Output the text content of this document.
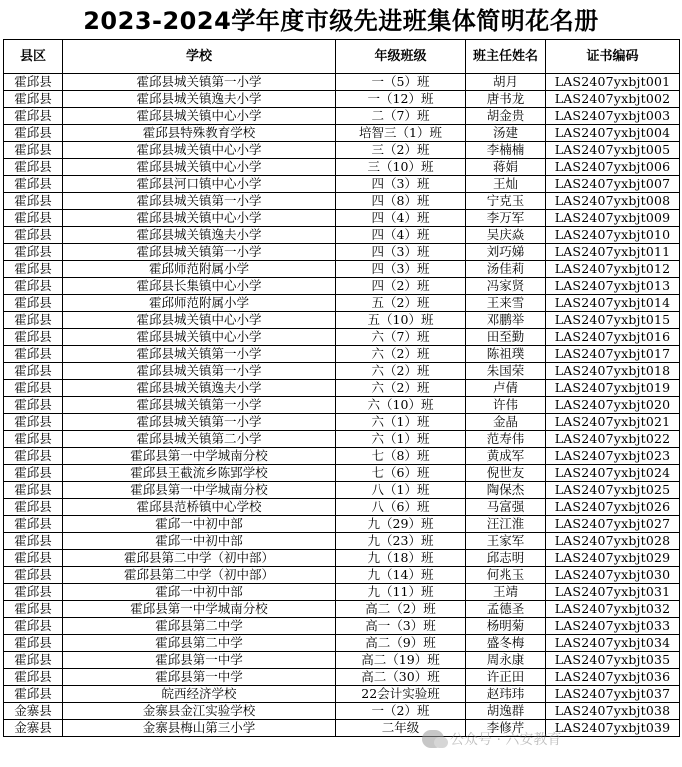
2023-2024学年度市级先进班集体简明花名册
县区	学校	年级班级	班主任姓名	证书编码
霍邱县	霍邱县城关镇第一小学	一（5）班	胡月	LAS2407yxbjt001
霍邱县	霍邱县城关镇逸夫小学	一（12）班	唐书龙	LAS2407yxbjt002
霍邱县	霍邱县城关镇中心小学	二（7）班	胡金贵	LAS2407yxbjt003
霍邱县	霍邱县特殊教育学校	培智三（1）班	汤建	LAS2407yxbjt004
霍邱县	霍邱县城关镇中心小学	三（2）班	李楠楠	LAS2407yxbjt005
霍邱县	霍邱县城关镇中心小学	三（10）班	蒋娟	LAS2407yxbjt006
霍邱县	霍邱县河口镇中心小学	四（3）班	王灿	LAS2407yxbjt007
霍邱县	霍邱县城关镇第一小学	四（8）班	宁克玉	LAS2407yxbjt008
霍邱县	霍邱县城关镇中心小学	四（4）班	李万军	LAS2407yxbjt009
霍邱县	霍邱县城关镇逸夫小学	四（4）班	吴庆焱	LAS2407yxbjt010
霍邱县	霍邱县城关镇第一小学	四（3）班	刘巧娣	LAS2407yxbjt011
霍邱县	霍邱师范附属小学	四（3）班	汤佳莉	LAS2407yxbjt012
霍邱县	霍邱县长集镇中心小学	四（2）班	冯家贤	LAS2407yxbjt013
霍邱县	霍邱师范附属小学	五（2）班	王来雪	LAS2407yxbjt014
霍邱县	霍邱县城关镇中心小学	五（10）班	邓鹏举	LAS2407yxbjt015
霍邱县	霍邱县城关镇中心小学	六（7）班	田至勤	LAS2407yxbjt016
霍邱县	霍邱县城关镇第一小学	六（2）班	陈祖璞	LAS2407yxbjt017
霍邱县	霍邱县城关镇第一小学	六（2）班	朱国荣	LAS2407yxbjt018
霍邱县	霍邱县城关镇逸夫小学	六（2）班	卢倩	LAS2407yxbjt019
霍邱县	霍邱县城关镇第一小学	六（10）班	许伟	LAS2407yxbjt020
霍邱县	霍邱县城关镇第一小学	六（1）班	金晶	LAS2407yxbjt021
霍邱县	霍邱县城关镇第二小学	六（1）班	范寿伟	LAS2407yxbjt022
霍邱县	霍邱县第一中学城南分校	七（8）班	黄成军	LAS2407yxbjt023
霍邱县	霍邱县王截流乡陈郢学校	七（6）班	倪世友	LAS2407yxbjt024
霍邱县	霍邱县第一中学城南分校	八（1）班	陶保杰	LAS2407yxbjt025
霍邱县	霍邱县范桥镇中心学校	八（6）班	马富强	LAS2407yxbjt026
霍邱县	霍邱一中初中部	九（29）班	汪江淮	LAS2407yxbjt027
霍邱县	霍邱一中初中部	九（23）班	王家军	LAS2407yxbjt028
霍邱县	霍邱县第二中学（初中部）	九（18）班	邱志明	LAS2407yxbjt029
霍邱县	霍邱县第二中学（初中部）	九（14）班	何兆玉	LAS2407yxbjt030
霍邱县	霍邱一中初中部	九（11）班	王靖	LAS2407yxbjt031
霍邱县	霍邱县第一中学城南分校	高二（2）班	孟德圣	LAS2407yxbjt032
霍邱县	霍邱县第二中学	高一（3）班	杨明菊	LAS2407yxbjt033
霍邱县	霍邱县第二中学	高二（9）班	盛冬梅	LAS2407yxbjt034
霍邱县	霍邱县第一中学	高二（19）班	周永康	LAS2407yxbjt035
霍邱县	霍邱县第一中学	高二（30）班	许正田	LAS2407yxbjt036
霍邱县	皖西经济学校	22会计实验班	赵玮玮	LAS2407yxbjt037
金寨县	金寨县金江实验学校	一（2）班	胡逸群	LAS2407yxbjt038
金寨县	金寨县梅山第三小学	二年级	李修芹	LAS2407yxbjt039
公众号 · 六安教育
